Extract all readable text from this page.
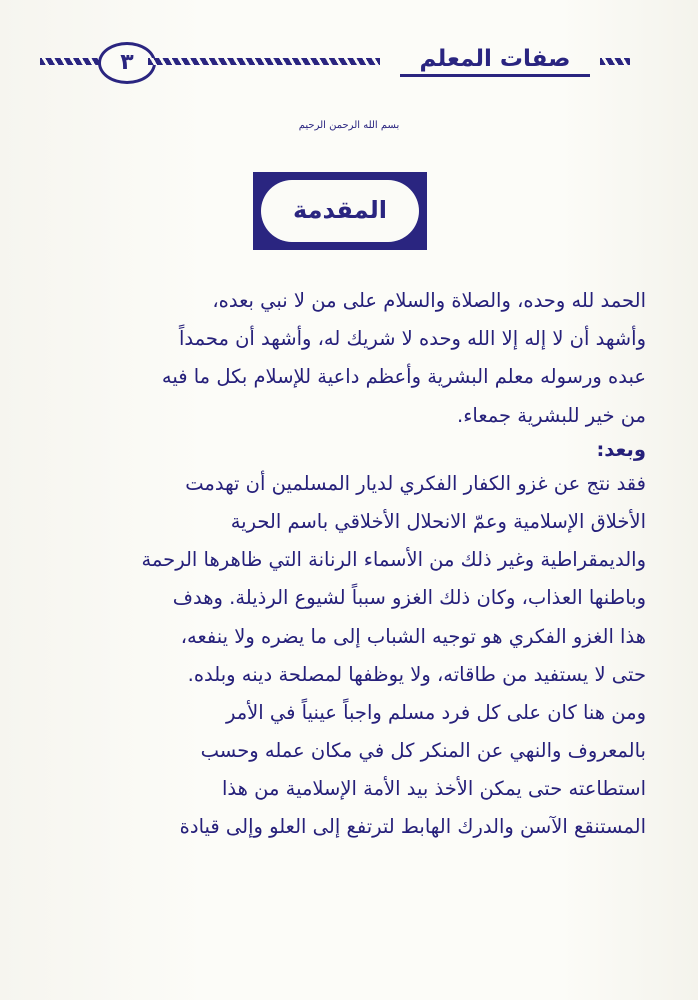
٣	صفات المعلم
بسم الله الرحمن الرحيم
المقدمة
الحمد لله وحده، والصلاة والسلام على من لا نبي بعده،
وأشهد أن لا إله إلا الله وحده لا شريك له، وأشهد أن محمداً
عبده ورسوله معلم البشرية وأعظم داعية للإسلام بكل ما فيه
من خير للبشرية جمعاء.
وبعد:
فقد نتج عن غزو الكفار الفكري لديار المسلمين أن تهدمت
الأخلاق الإسلامية وعمّ الانحلال الأخلاقي باسم الحرية
والديمقراطية وغير ذلك من الأسماء الرنانة التي ظاهرها الرحمة
وباطنها العذاب، وكان ذلك الغزو سبباً لشيوع الرذيلة. وهدف
هذا الغزو الفكري هو توجيه الشباب إلى ما يضره ولا ينفعه،
حتى لا يستفيد من طاقاته، ولا يوظفها لمصلحة دينه وبلده.
ومن هنا كان على كل فرد مسلم واجباً عينياً في الأمر
بالمعروف والنهي عن المنكر كل في مكان عمله وحسب
استطاعته حتى يمكن الأخذ بيد الأمة الإسلامية من هذا
المستنقع الآسن والدرك الهابط لترتفع إلى العلو وإلى قيادة
